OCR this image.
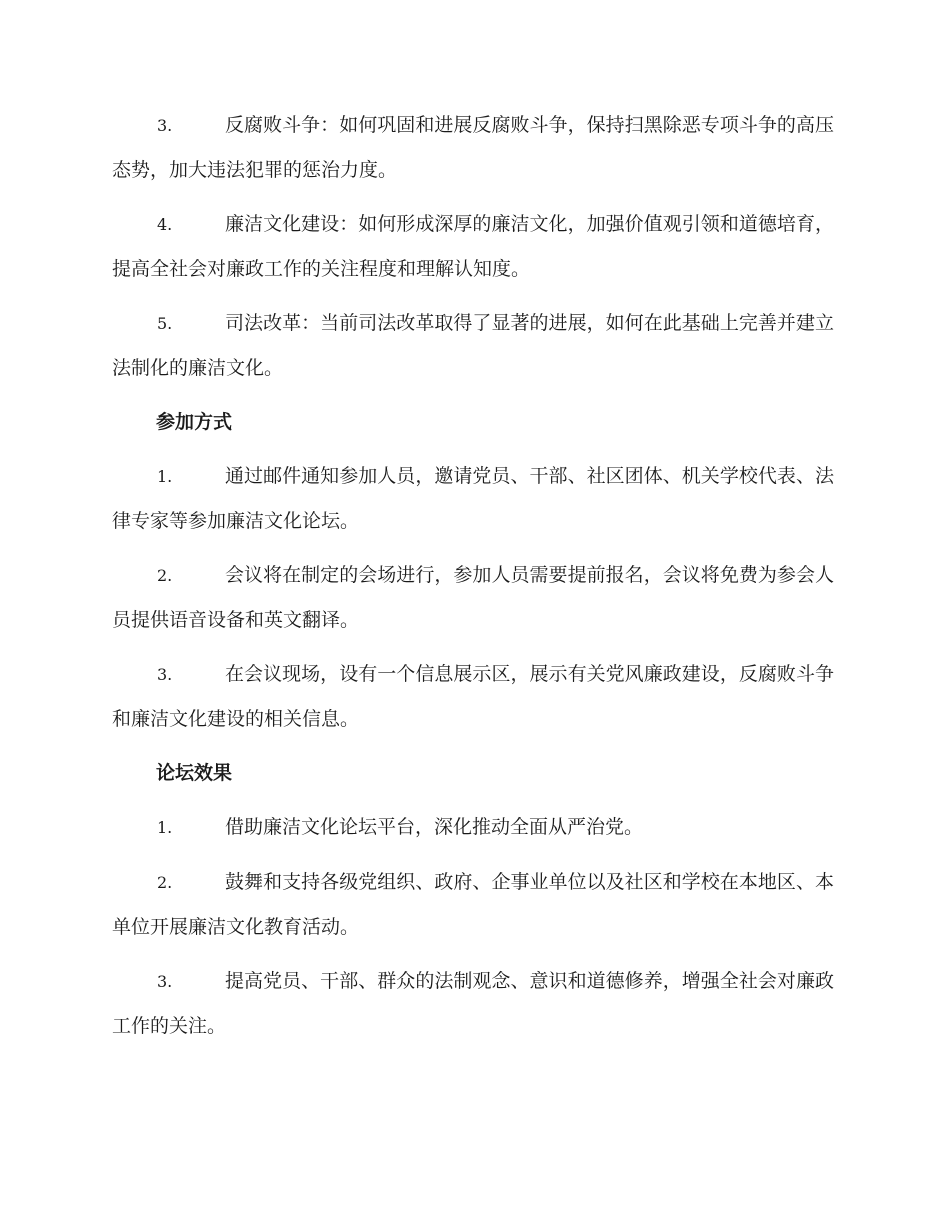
3.	反腐败斗争：如何巩固和进展反腐败斗争，保持扫黑除恶专项斗争的高压态势，加大违法犯罪的惩治力度。

4.	廉洁文化建设：如何形成深厚的廉洁文化，加强价值观引领和道德培育，提高全社会对廉政工作的关注程度和理解认知度。

5.	司法改革：当前司法改革取得了显著的进展，如何在此基础上完善并建立法制化的廉洁文化。

参加方式

1.	通过邮件通知参加人员，邀请党员、干部、社区团体、机关学校代表、法律专家等参加廉洁文化论坛。

2.	会议将在制定的会场进行，参加人员需要提前报名，会议将免费为参会人员提供语音设备和英文翻译。

3.	在会议现场，设有一个信息展示区，展示有关党风廉政建设，反腐败斗争和廉洁文化建设的相关信息。

论坛效果

1.	借助廉洁文化论坛平台，深化推动全面从严治党。

2.	鼓舞和支持各级党组织、政府、企事业单位以及社区和学校在本地区、本单位开展廉洁文化教育活动。

3.	提高党员、干部、群众的法制观念、意识和道德修养，增强全社会对廉政工作的关注。
